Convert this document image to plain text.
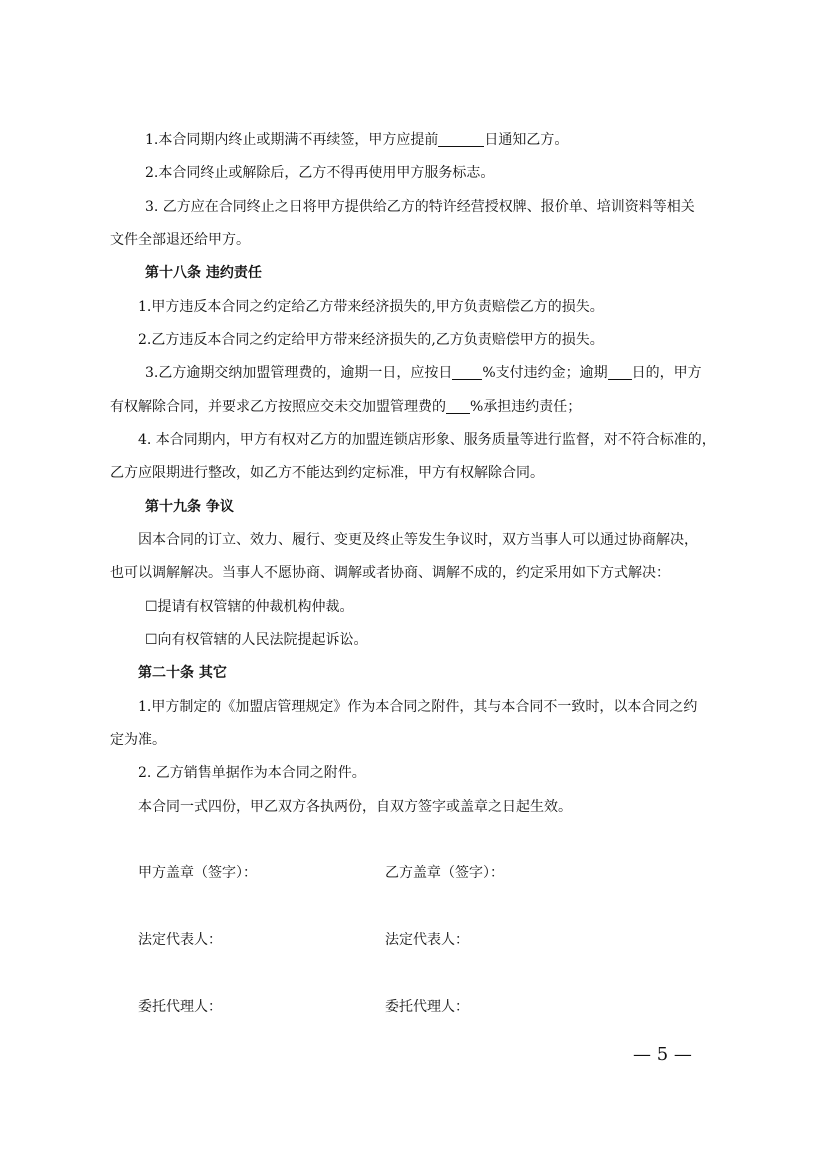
1.本合同期内终止或期满不再续签，甲方应提前	日通知乙方。
2.本合同终止或解除后，乙方不得再使用甲方服务标志。
3. 乙方应在合同终止之日将甲方提供给乙方的特许经营授权牌、报价单、培训资料等相关
文件全部退还给甲方。
第十八条 违约责任
1.甲方违反本合同之约定给乙方带来经济损失的,甲方负责赔偿乙方的损失。
2.乙方违反本合同之约定给甲方带来经济损失的,乙方负责赔偿甲方的损失。
3.乙方逾期交纳加盟管理费的，逾期一日，应按日 %支付违约金；逾期 日的，甲方
有权解除合同，并要求乙方按照应交未交加盟管理费的 %承担违约责任；
4. 本合同期内，甲方有权对乙方的加盟连锁店形象、服务质量等进行监督，对不符合标准的，
乙方应限期进行整改，如乙方不能达到约定标准，甲方有权解除合同。
第十九条 争议
因本合同的订立、效力、履行、变更及终止等发生争议时，双方当事人可以通过协商解决，
也可以调解解决。当事人不愿协商、调解或者协商、调解不成的，约定采用如下方式解决：
☐提请有权管辖的仲裁机构仲裁。
☐向有权管辖的人民法院提起诉讼。
第二十条 其它
1.甲方制定的《加盟店管理规定》作为本合同之附件，其与本合同不一致时，以本合同之约
定为准。
2. 乙方销售单据作为本合同之附件。
本合同一式四份，甲乙双方各执两份，自双方签字或盖章之日起生效。
甲方盖章（签字）：	乙方盖章（签字）：
法定代表人：	法定代表人：
委托代理人：	委托代理人：
— 5 —
